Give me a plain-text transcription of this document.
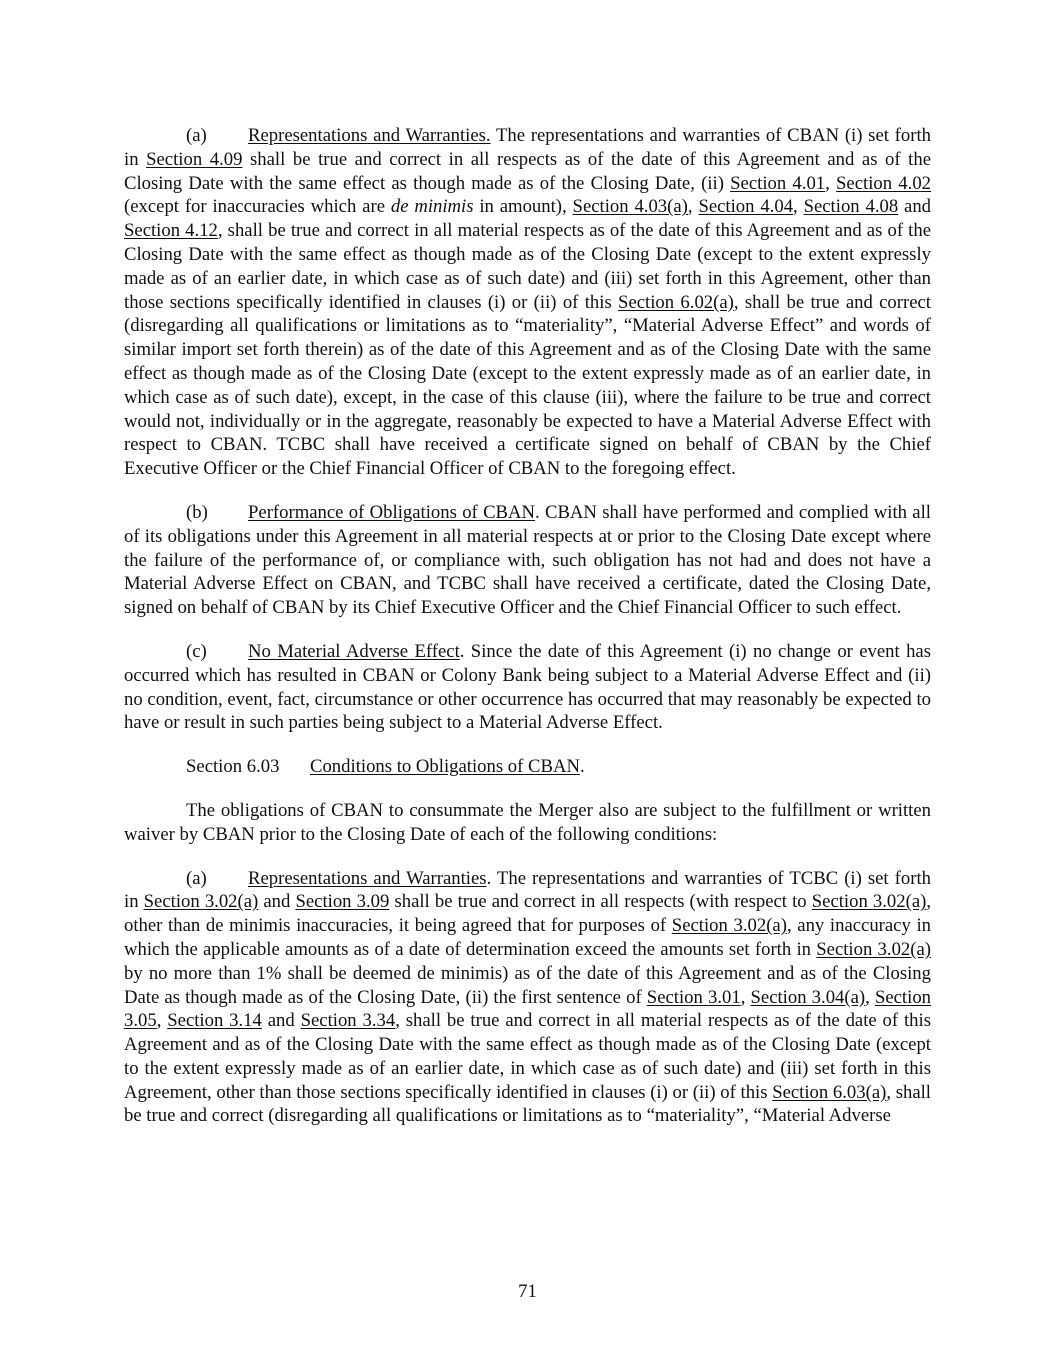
(a) Representations and Warranties. The representations and warranties of CBAN (i) set forth in Section 4.09 shall be true and correct in all respects as of the date of this Agreement and as of the Closing Date with the same effect as though made as of the Closing Date, (ii) Section 4.01, Section 4.02 (except for inaccuracies which are de minimis in amount), Section 4.03(a), Section 4.04, Section 4.08 and Section 4.12, shall be true and correct in all material respects as of the date of this Agreement and as of the Closing Date with the same effect as though made as of the Closing Date (except to the extent expressly made as of an earlier date, in which case as of such date) and (iii) set forth in this Agreement, other than those sections specifically identified in clauses (i) or (ii) of this Section 6.02(a), shall be true and correct (disregarding all qualifications or limitations as to “materiality”, “Material Adverse Effect” and words of similar import set forth therein) as of the date of this Agreement and as of the Closing Date with the same effect as though made as of the Closing Date (except to the extent expressly made as of an earlier date, in which case as of such date), except, in the case of this clause (iii), where the failure to be true and correct would not, individually or in the aggregate, reasonably be expected to have a Material Adverse Effect with respect to CBAN. TCBC shall have received a certificate signed on behalf of CBAN by the Chief Executive Officer or the Chief Financial Officer of CBAN to the foregoing effect.

(b) Performance of Obligations of CBAN. CBAN shall have performed and complied with all of its obligations under this Agreement in all material respects at or prior to the Closing Date except where the failure of the performance of, or compliance with, such obligation has not had and does not have a Material Adverse Effect on CBAN, and TCBC shall have received a certificate, dated the Closing Date, signed on behalf of CBAN by its Chief Executive Officer and the Chief Financial Officer to such effect.

(c) No Material Adverse Effect. Since the date of this Agreement (i) no change or event has occurred which has resulted in CBAN or Colony Bank being subject to a Material Adverse Effect and (ii) no condition, event, fact, circumstance or other occurrence has occurred that may reasonably be expected to have or result in such parties being subject to a Material Adverse Effect.

Section 6.03 Conditions to Obligations of CBAN.

The obligations of CBAN to consummate the Merger also are subject to the fulfillment or written waiver by CBAN prior to the Closing Date of each of the following conditions:

(a) Representations and Warranties. The representations and warranties of TCBC (i) set forth in Section 3.02(a) and Section 3.09 shall be true and correct in all respects (with respect to Section 3.02(a), other than de minimis inaccuracies, it being agreed that for purposes of Section 3.02(a), any inaccuracy in which the applicable amounts as of a date of determination exceed the amounts set forth in Section 3.02(a) by no more than 1% shall be deemed de minimis) as of the date of this Agreement and as of the Closing Date as though made as of the Closing Date, (ii) the first sentence of Section 3.01, Section 3.04(a), Section 3.05, Section 3.14 and Section 3.34, shall be true and correct in all material respects as of the date of this Agreement and as of the Closing Date with the same effect as though made as of the Closing Date (except to the extent expressly made as of an earlier date, in which case as of such date) and (iii) set forth in this Agreement, other than those sections specifically identified in clauses (i) or (ii) of this Section 6.03(a), shall be true and correct (disregarding all qualifications or limitations as to “materiality”, “Material Adverse

71
